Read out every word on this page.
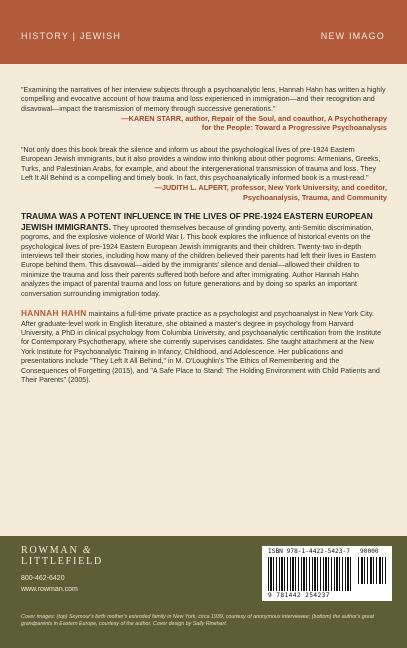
HISTORY | JEWISH	NEW IMAGO

"Examining the narratives of her interview subjects through a psychoanalytic lens, Hannah Hahn has written a highly compelling and evocative account of how trauma and loss experienced in immigration—and their recognition and disavowal—impact the transmission of memory through successive generations."

—KAREN STARR, author, Repair of the Soul, and coauthor, A Psychotherapy

for the People: Toward a Progressive Psychoanalysis

"Not only does this book break the silence and inform us about the psychological lives of pre-1924 Eastern European Jewish immigrants, but it also provides a window into thinking about other pogroms: Armenians, Greeks, Turks, and Palestinian Arabs, for example, and about the intergenerational transmission of trauma and loss. They Left It All Behind is a compelling and timely book. In fact, this psychoanalytically informed book is a must-read."

—JUDITH L. ALPERT, professor, New York University, and coeditor,

Psychoanalysis, Trauma, and Community

TRAUMA WAS A POTENT INFLUENCE IN THE LIVES OF PRE-1924 EASTERN EUROPEAN JEWISH IMMIGRANTS. They uprooted themselves because of grinding poverty, anti-Semitic discrimination, pogroms, and the explosive violence of World War I. This book explores the influence of historical events on the psychological lives of pre-1924 Eastern European Jewish immigrants and their children. Twenty-two in-depth interviews tell their stories, including how many of the children believed their parents had left their lives in Eastern Europe behind them. This disavowal—aided by the immigrants' silence and denial—allowed their children to minimize the trauma and loss their parents suffered both before and after immigrating. Author Hannah Hahn analyzes the impact of parental trauma and loss on future generations and by doing so sparks an important conversation surrounding immigration today.

HANNAH HAHN maintains a full-time private practice as a psychologist and psychoanalyst in New York City. After graduate-level work in English literature, she obtained a master's degree in psychology from Harvard University, a PhD in clinical psychology from Columbia University, and psychoanalytic certification from the Institute for Contemporary Psychotherapy, where she currently supervises candidates. She taught attachment at the New York Institute for Psychoanalytic Training in Infancy, Childhood, and Adolescence. Her publications and presentations include "They Left It All Behind," in M. O'Loughlin's The Ethics of Remembering and the Consequences of Forgetting (2015), and "A Safe Place to Stand: The Holding Environment with Child Patients and Their Parents" (2005).

ROWMAN &
LITTLEFIELD
800-462-6420
www.rowman.com
ISBN 978-1-4422-5423-7 90000
9 781442 254237

Cover images: (top) Seymour's birth mother's extended family in New York, circa 1939, courtesy of anonymous interviewee; (bottom) the author's great grandparents in Eastern Europe, courtesy of the author. Cover design by Sally Rinehart.
